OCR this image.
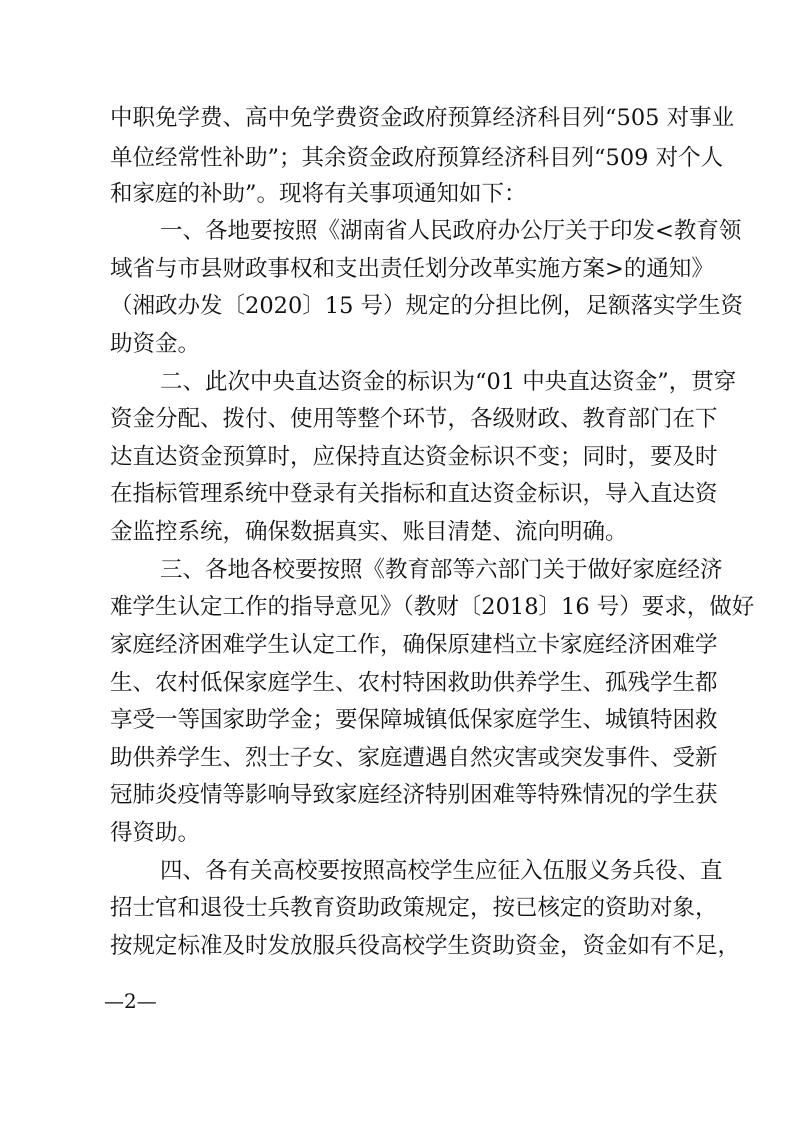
中职免学费、高中免学费资金政府预算经济科目列“505 对事业
单位经常性补助”；其余资金政府预算经济科目列“509 对个人
和家庭的补助”。现将有关事项通知如下：
一、各地要按照《湖南省人民政府办公厅关于印发<教育领
域省与市县财政事权和支出责任划分改革实施方案>的通知》
（湘政办发〔2020〕15 号）规定的分担比例，足额落实学生资
助资金。
二、此次中央直达资金的标识为“01 中央直达资金”，贯穿
资金分配、拨付、使用等整个环节，各级财政、教育部门在下
达直达资金预算时，应保持直达资金标识不变；同时，要及时
在指标管理系统中登录有关指标和直达资金标识，导入直达资
金监控系统，确保数据真实、账目清楚、流向明确。
三、各地各校要按照《教育部等六部门关于做好家庭经济
难学生认定工作的指导意见》（教财〔2018〕16 号）要求，做好
家庭经济困难学生认定工作，确保原建档立卡家庭经济困难学
生、农村低保家庭学生、农村特困救助供养学生、孤残学生都
享受一等国家助学金；要保障城镇低保家庭学生、城镇特困救
助供养学生、烈士子女、家庭遭遇自然灾害或突发事件、受新
冠肺炎疫情等影响导致家庭经济特别困难等特殊情况的学生获
得资助。
四、各有关高校要按照高校学生应征入伍服义务兵役、直
招士官和退役士兵教育资助政策规定，按已核定的资助对象，
按规定标准及时发放服兵役高校学生资助资金，资金如有不足，
—2—
